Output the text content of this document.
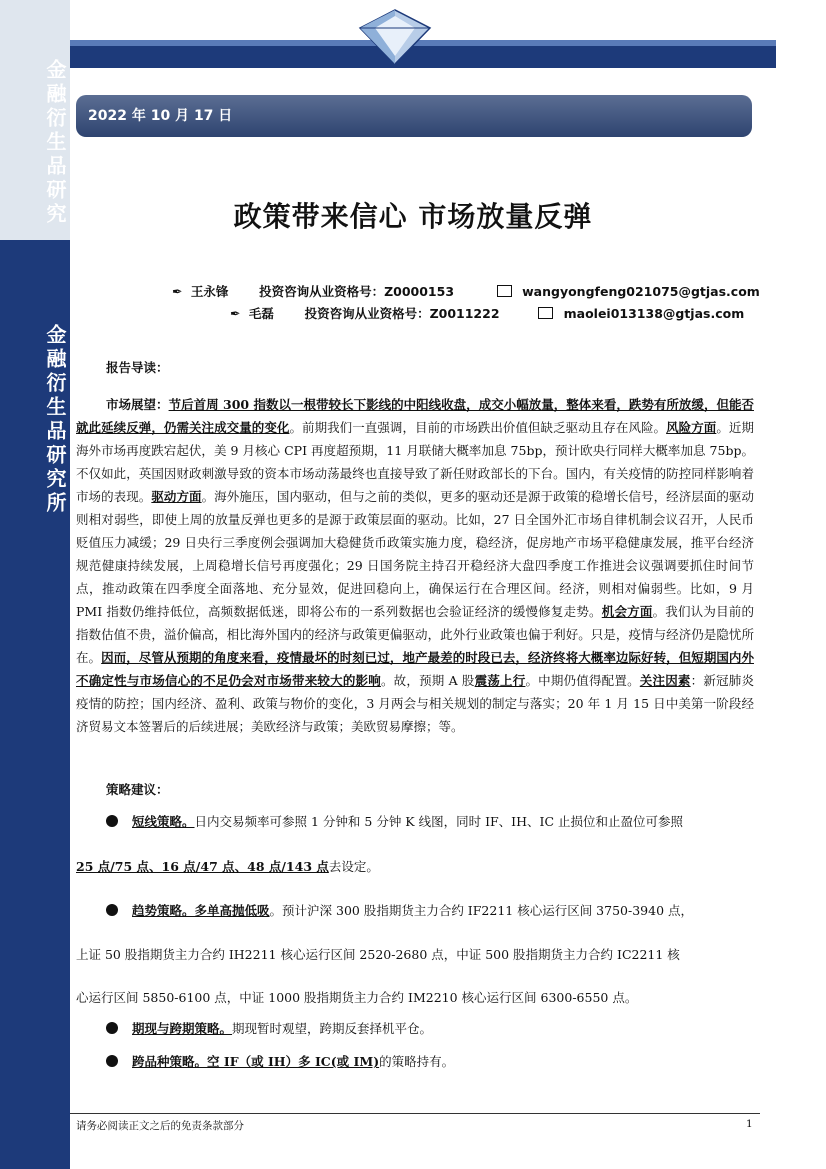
金融衍生品研究
金融衍生品研究所
2022 年 10 月 17 日
政策带来信心 市场放量反弹
✒ 王永锋 投资咨询从业资格号：Z0000153	wangyongfeng021075@gtjas.com
✒ 毛磊 投资咨询从业资格号：Z0011222	maolei013138@gtjas.com
报告导读：
市场展望：节后首周 300 指数以一根带较长下影线的中阳线收盘，成交小幅放量，整体来看，跌势有所放缓，但能否就此延续反弹，仍需关注成交量的变化。前期我们一直强调，目前的市场跌出价值但缺乏驱动且存在风险。风险方面。近期海外市场再度跌宕起伏，美 9 月核心 CPI 再度超预期，11 月联储大概率加息 75bp，预计欧央行同样大概率加息 75bp。不仅如此，英国因财政刺激导致的资本市场动荡最终也直接导致了新任财政部长的下台。国内，有关疫情的防控同样影响着市场的表现。驱动方面。海外施压，国内驱动，但与之前的类似，更多的驱动还是源于政策的稳增长信号，经济层面的驱动则相对弱些，即使上周的放量反弹也更多的是源于政策层面的驱动。比如，27 日全国外汇市场自律机制会议召开，人民币贬值压力减缓；29 日央行三季度例会强调加大稳健货币政策实施力度，稳经济，促房地产市场平稳健康发展，推平台经济规范健康持续发展，上周稳增长信号再度强化；29 日国务院主持召开稳经济大盘四季度工作推进会议强调要抓住时间节点，推动政策在四季度全面落地、充分显效，促进回稳向上，确保运行在合理区间。经济，则相对偏弱些。比如，9 月 PMI 指数仍维持低位，高频数据低迷，即将公布的一系列数据也会验证经济的缓慢修复走势。机会方面。我们认为目前的指数估值不贵，溢价偏高，相比海外国内的经济与政策更偏驱动，此外行业政策也偏于利好。只是，疫情与经济仍是隐忧所在。因而，尽管从预期的角度来看，疫情最坏的时刻已过，地产最差的时段已去，经济终将大概率边际好转，但短期国内外不确定性与市场信心的不足仍会对市场带来较大的影响。故，预期 A 股震荡上行。中期仍值得配置。关注因素：新冠肺炎疫情的防控；国内经济、盈利、政策与物价的变化，3 月两会与相关规划的制定与落实；20 年 1 月 15 日中美第一阶段经济贸易文本签署后的后续进展；美欧经济与政策；美欧贸易摩擦；等。
策略建议：
短线策略。日内交易频率可参照 1 分钟和 5 分钟 K 线图，同时 IF、IH、IC 止损位和止盈位可参照
25 点/75 点、16 点/47 点、48 点/143 点去设定。
趋势策略。多单高抛低吸。预计沪深 300 股指期货主力合约 IF2211 核心运行区间 3750-3940 点，
上证 50 股指期货主力合约 IH2211 核心运行区间 2520-2680 点，中证 500 股指期货主力合约 IC2211 核
心运行区间 5850-6100 点，中证 1000 股指期货主力合约 IM2210 核心运行区间 6300-6550 点。
期现与跨期策略。期现暂时观望，跨期反套择机平仓。
跨品种策略。空 IF（或 IH）多 IC(或 IM)的策略持有。
请务必阅读正文之后的免责条款部分	1
